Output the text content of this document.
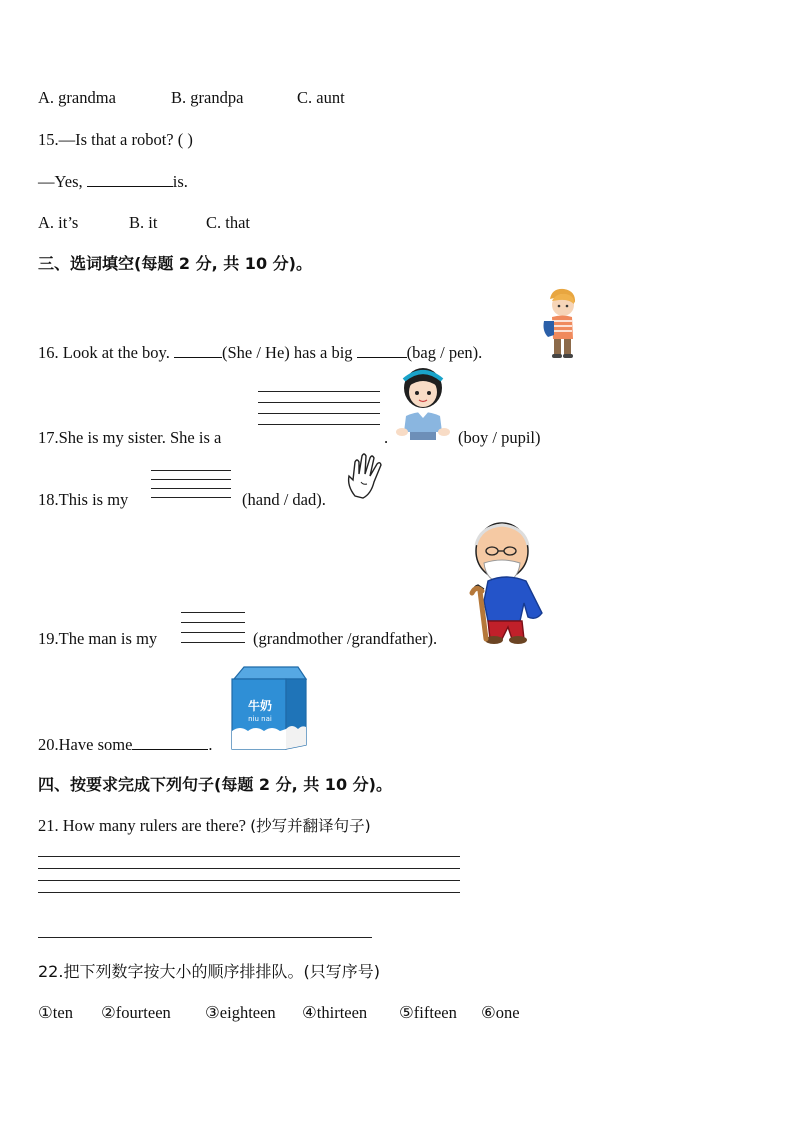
A. grandma	B. grandpa	C. aunt
15.—Is that a robot? ( )
—Yes,	is.
A. it’s	B. it	C. that
三、选词填空(每题 2 分, 共 10 分)。
16. Look at the boy.	(She / He) has a big	(bag / pen).
17.She is my sister. She is a	.	(boy / pupil)
18.This is my	(hand / dad).
19.The man is my	(grandmother /grandfather).
20.Have some	.
牛奶
niu nai
四、按要求完成下列句子(每题 2 分, 共 10 分)。
21. How many rulers are there? (抄写并翻译句子)
22.把下列数字按大小的顺序排排队。(只写序号)
①ten ②fourteen ③eighteen ④thirteen ⑤fifteen ⑥one
